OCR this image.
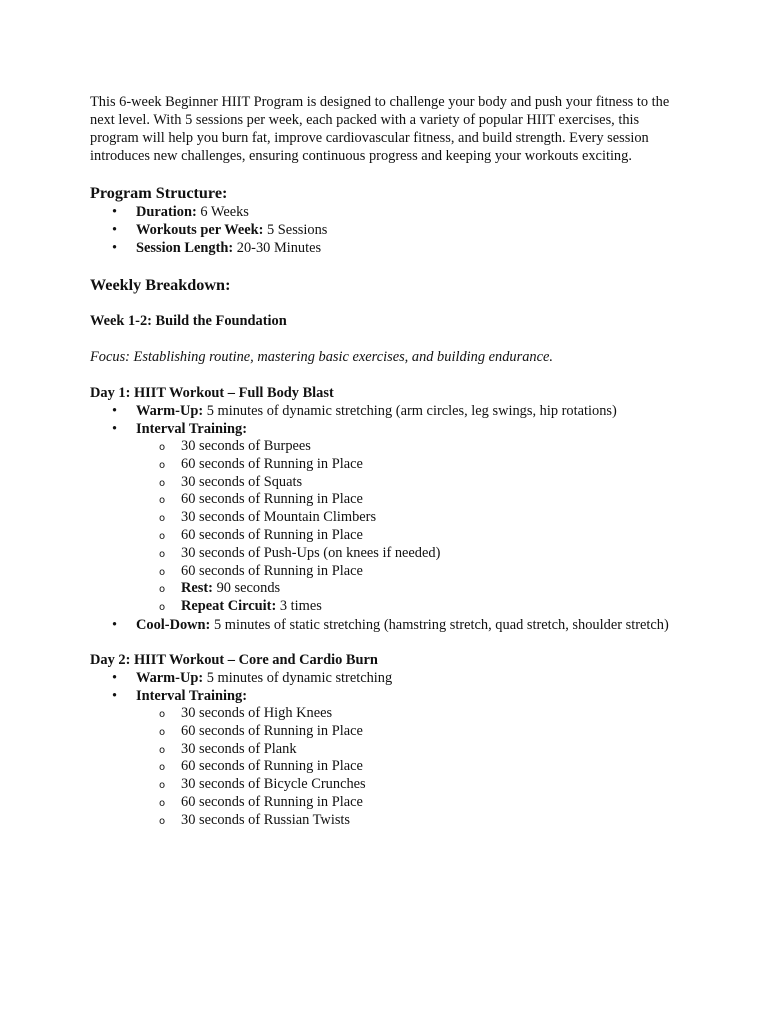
This 6-week Beginner HIIT Program is designed to challenge your body and push your fitness to the next level. With 5 sessions per week, each packed with a variety of popular HIIT exercises, this program will help you burn fat, improve cardiovascular fitness, and build strength. Every session introduces new challenges, ensuring continuous progress and keeping your workouts exciting.

Program Structure:
• Duration: 6 Weeks
• Workouts per Week: 5 Sessions
• Session Length: 20-30 Minutes
Weekly Breakdown:
Week 1-2: Build the Foundation

Focus: Establishing routine, mastering basic exercises, and building endurance.

Day 1: HIIT Workout – Full Body Blast
• Warm-Up: 5 minutes of dynamic stretching (arm circles, leg swings, hip rotations)
• Interval Training:
o 30 seconds of Burpees
o 60 seconds of Running in Place
o 30 seconds of Squats
o 60 seconds of Running in Place
o 30 seconds of Mountain Climbers
o 60 seconds of Running in Place
o 30 seconds of Push-Ups (on knees if needed)
o 60 seconds of Running in Place
o Rest: 90 seconds
o Repeat Circuit: 3 times
• Cool-Down: 5 minutes of static stretching (hamstring stretch, quad stretch, shoulder stretch)
Day 2: HIIT Workout – Core and Cardio Burn
• Warm-Up: 5 minutes of dynamic stretching
• Interval Training:
o 30 seconds of High Knees
o 60 seconds of Running in Place
o 30 seconds of Plank
o 60 seconds of Running in Place
o 30 seconds of Bicycle Crunches
o 60 seconds of Running in Place
o 30 seconds of Russian Twists
